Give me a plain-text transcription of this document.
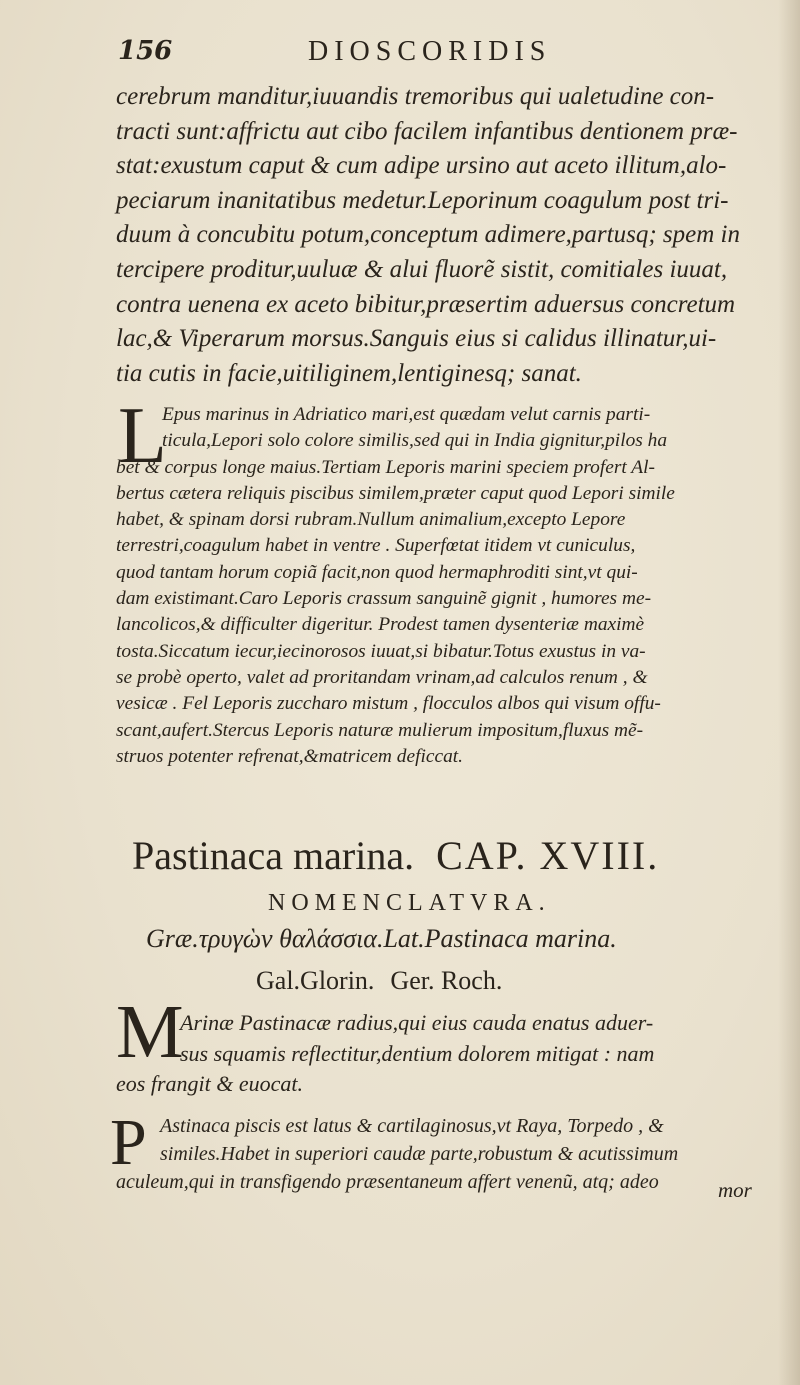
156	DIOSCORIDIS
cerebrum manditur,iuuandis tremoribus qui ualetudine con-
tracti sunt:affrictu aut cibo facilem infantibus dentionem præ-
stat:exustum caput & cum adipe ursino aut aceto illitum,alo-
peciarum inanitatibus medetur.Leporinum coagulum post tri-
duum à concubitu potum,conceptum adimere,partusq; spem in
tercipere proditur,uuluæ & alui fluorẽ sistit, comitiales iuuat,
contra uenena ex aceto bibitur,præsertim aduersus concretum
lac,& Viperarum morsus.Sanguis eius si calidus illinatur,ui-
tia cutis in facie,uitiliginem,lentiginesq; sanat.
L
Epus marinus in Adriatico mari,est quædam velut carnis parti-
ticula,Lepori solo colore similis,sed qui in India gignitur,pilos ha
bet & corpus longe maius.Tertiam Leporis marini speciem profert Al-
bertus cætera reliquis piscibus similem,præter caput quod Lepori simile
habet, & spinam dorsi rubram.Nullum animalium,excepto Lepore
terrestri,coagulum habet in ventre . Superfœtat itidem vt cuniculus,
quod tantam horum copiã facit,non quod hermaphroditi sint,vt qui-
dam existimant.Caro Leporis crassum sanguinẽ gignit , humores me-
lancolicos,& difficulter digeritur. Prodest tamen dysenteriæ maximè
tosta.Siccatum iecur,iecinorosos iuuat,si bibatur.Totus exustus in va-
se probè operto, valet ad proritandam vrinam,ad calculos renum , &
vesicæ . Fel Leporis zucchаro mistum , flocculos albos qui visum offu-
scant,aufert.Stercus Leporis naturæ mulierum impositum,fluxus mẽ-
struos potenter refrenat,&matricem deficcat.
Pastinaca marina. CAP. XVIII.
NOMENCLATVRA.
Græ.τρυγὼν θαλάσσια.Lat.Pastinaca marina.
Gal.Glorin. Ger. Roch.
M
Arinæ Pastinacæ radius,qui eius cauda enatus aduer-
sus squamis reflectitur,dentium dolorem mitigat : nam
eos frangit & euocat.
P Astinaca piscis est latus & cartilaginosus,vt Raya, Torpedo , &
similes.Habet in superiori caudæ parte,robustum & acutissimum
aculeum,qui in transfigendo præsentaneum affert venenũ, atq; adeo	mor
